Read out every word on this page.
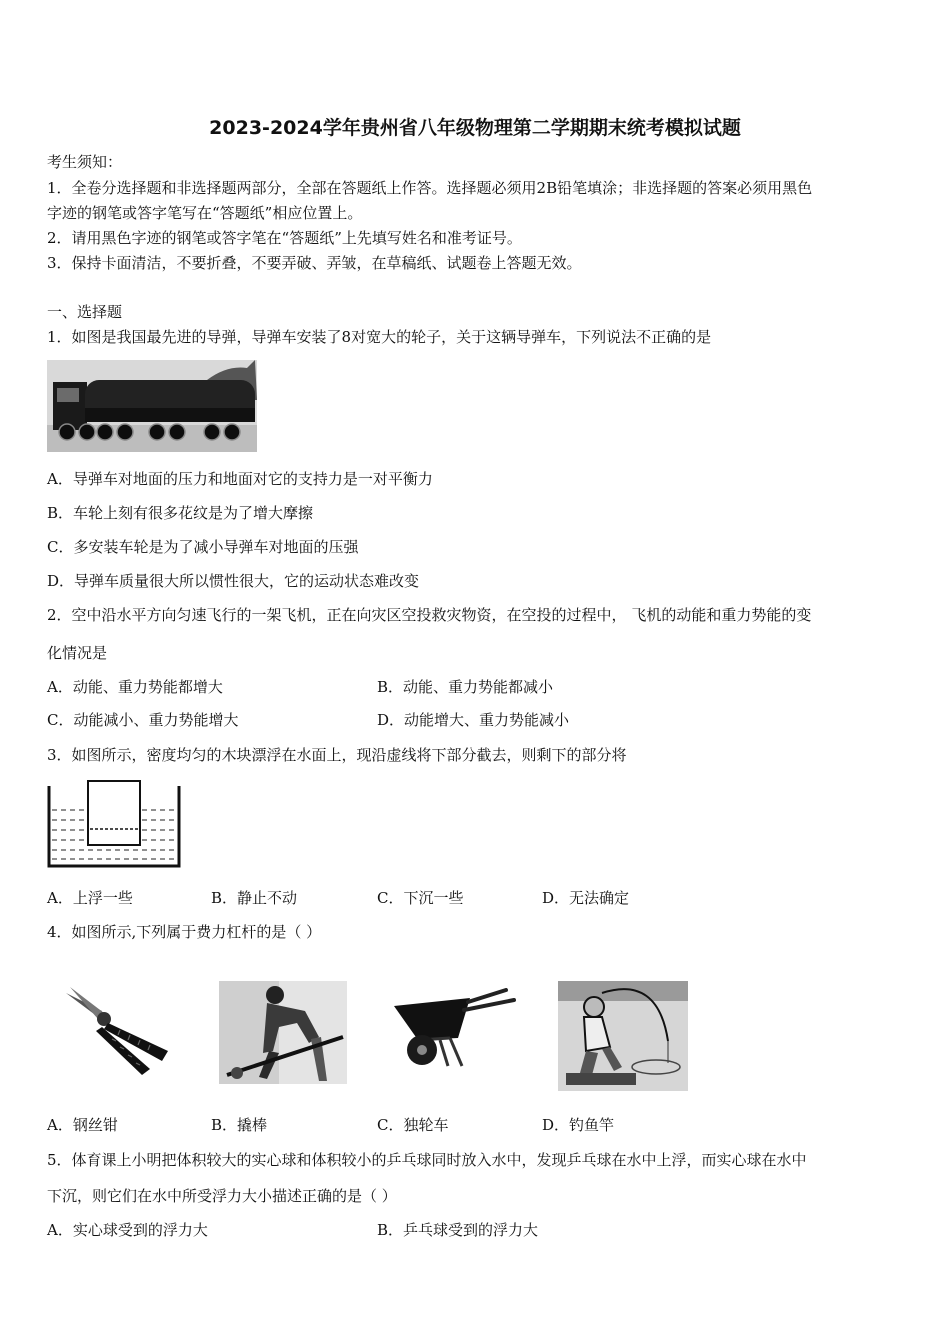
2023-2024学年贵州省八年级物理第二学期期末统考模拟试题
考生须知：
1．全卷分选择题和非选择题两部分，全部在答题纸上作答。选择题必须用2B铅笔填涂；非选择题的答案必须用黑色
字迹的钢笔或答字笔写在“答题纸”相应位置上。
2．请用黑色字迹的钢笔或答字笔在“答题纸”上先填写姓名和准考证号。
3．保持卡面清洁，不要折叠，不要弄破、弄皱，在草稿纸、试题卷上答题无效。
一、选择题
1．如图是我国最先进的导弹，导弹车安装了8对宽大的轮子，关于这辆导弹车，下列说法不正确的是
A．导弹车对地面的压力和地面对它的支持力是一对平衡力
B．车轮上刻有很多花纹是为了增大摩擦
C．多安装车轮是为了减小导弹车对地面的压强
D．导弹车质量很大所以惯性很大，它的运动状态难改变
2．空中沿水平方向匀速飞行的一架飞机，正在向灾区空投救灾物资，在空投的过程中， 飞机的动能和重力势能的变
化情况是
A．动能、重力势能都增大	B．动能、重力势能都减小
C．动能减小、重力势能增大	D．动能增大、重力势能减小
3．如图所示，密度均匀的木块漂浮在水面上，现沿虚线将下部分截去，则剩下的部分将
A．上浮一些	B．静止不动	C．下沉一些	D．无法确定
4．如图所示,下列属于费力杠杆的是（ ）
A．钢丝钳	B．撬棒	C．独轮车	D．钓鱼竿
5．体育课上小明把体积较大的实心球和体积较小的乒乓球同时放入水中，发现乒乓球在水中上浮，而实心球在水中
下沉，则它们在水中所受浮力大小描述正确的是（ ）
A．实心球受到的浮力大	B．乒乓球受到的浮力大
